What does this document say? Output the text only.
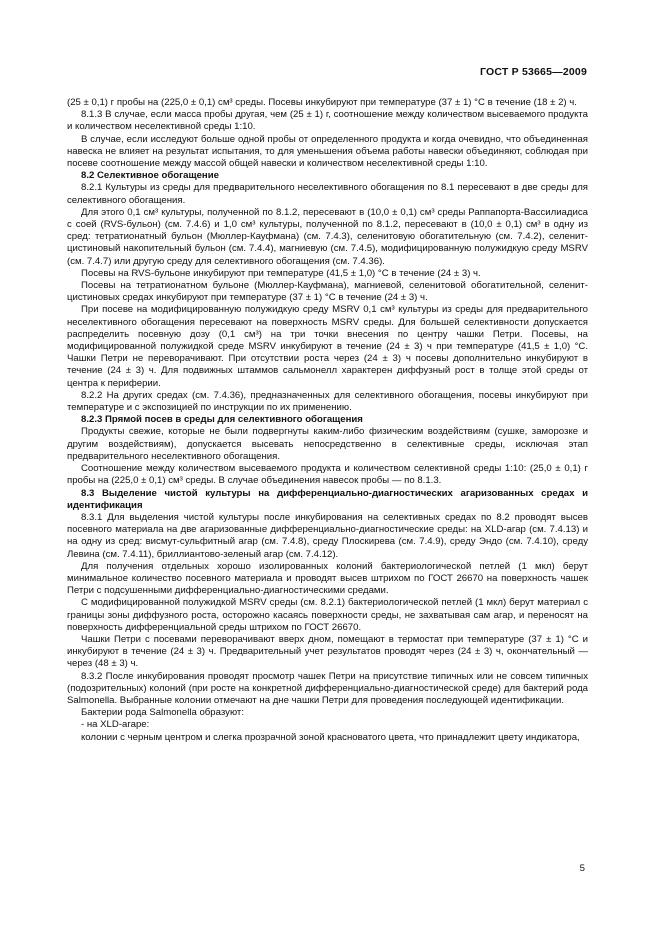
ГОСТ Р 53665—2009

(25 ± 0,1) г пробы на (225,0 ± 0,1) см³ среды. Посевы инкубируют при температуре (37 ± 1) °С в течение (18 ± 2) ч.

8.1.3 В случае, если масса пробы другая, чем (25 ± 1) г, соотношение между количеством высеваемого продукта и количеством неселективной среды 1:10.

В случае, если исследуют больше одной пробы от определенного продукта и когда очевидно, что объединенная навеска не влияет на результат испытания, то для уменьшения объема работы навески объединяют, соблюдая при посеве соотношение между массой общей навески и количеством неселективной среды 1:10.

8.2 Селективное обогащение

8.2.1 Культуры из среды для предварительного неселективного обогащения по 8.1 пересевают в две среды для селективного обогащения.

Для этого 0,1 см³ культуры, полученной по 8.1.2, пересевают в (10,0 ± 0,1) см³ среды Раппапорта-Вассилиадиса с соей (RVS-бульон) (см. 7.4.6) и 1,0 см³ культуры, полученной по 8.1.2, пересевают в (10,0 ± 0,1) см³ в одну из сред: тетратионатный бульон (Мюллер-Кауфмана) (см. 7.4.3), селенитовую обогатительную (см. 7.4.2), селенит-цистиновый накопительный бульон (см. 7.4.4), магниевую (см. 7.4.5), модифицированную полужидкую среду MSRV (см. 7.4.7) или другую среду для селективного обогащения (см. 7.4.36).

Посевы на RVS-бульоне инкубируют при температуре (41,5 ± 1,0) °С в течение (24 ± 3) ч.

Посевы на тетратионатном бульоне (Мюллер-Кауфмана), магниевой, селенитовой обогатительной, селенит-цистиновых средах инкубируют при температуре (37 ± 1) °С в течение (24 ± 3) ч.

При посеве на модифицированную полужидкую среду MSRV 0,1 см³ культуры из среды для предварительного неселективного обогащения пересевают на поверхность MSRV среды. Для большей селективности допускается распределить посевную дозу (0,1 см³) на три точки внесения по центру чашки Петри. Посевы, на модифицированной полужидкой среде MSRV инкубируют в течение (24 ± 3) ч при температуре (41,5 ± 1,0) °С. Чашки Петри не переворачивают. При отсутствии роста через (24 ± 3) ч посевы дополнительно инкубируют в течение (24 ± 3) ч. Для подвижных штаммов сальмонелл характерен диффузный рост в толще этой среды от центра к периферии.

8.2.2 На других средах (см. 7.4.36), предназначенных для селективного обогащения, посевы инкубируют при температуре и с экспозицией по инструкции по их применению.

8.2.3 Прямой посев в среды для селективного обогащения

Продукты свежие, которые не были подвергнуты каким-либо физическим воздействиям (сушке, заморозке и другим воздействиям), допускается высевать непосредственно в селективные среды, исключая этап предварительного неселективного обогащения.

Соотношение между количеством высеваемого продукта и количеством селективной среды 1:10: (25,0 ± 0,1) г пробы на (225,0 ± 0,1) см³ среды. В случае объединения навесок пробы — по 8.1.3.

8.3 Выделение чистой культуры на дифференциально-диагностических агаризованных средах и идентификация

8.3.1 Для выделения чистой культуры после инкубирования на селективных средах по 8.2 проводят высев посевного материала на две агаризованные дифференциально-диагностические среды: на XLD-агар (см. 7.4.13) и на одну из сред: висмут-сульфитный агар (см. 7.4.8), среду Плоскирева (см. 7.4.9), среду Эндо (см. 7.4.10), среду Левина (см. 7.4.11), бриллиантово-зеленый агар (см. 7.4.12).

Для получения отдельных хорошо изолированных колоний бактериологической петлей (1 мкл) берут минимальное количество посевного материала и проводят высев штрихом по ГОСТ 26670 на поверхность чашек Петри с подсушенными дифференциально-диагностическими средами.

С модифицированной полужидкой MSRV среды (см. 8.2.1) бактериологической петлей (1 мкл) берут материал с границы зоны диффузного роста, осторожно касаясь поверхности среды, не захватывая сам агар, и переносят на поверхность дифференциальной среды штрихом по ГОСТ 26670.

Чашки Петри с посевами переворачивают вверх дном, помещают в термостат при температуре (37 ± 1) °С и инкубируют в течение (24 ± 3) ч. Предварительный учет результатов проводят через (24 ± 3) ч, окончательный — через (48 ± 3) ч.

8.3.2 После инкубирования проводят просмотр чашек Петри на присутствие типичных или не совсем типичных (подозрительных) колоний (при росте на конкретной дифференциально-диагностической среде) для бактерий рода Salmonella. Выбранные колонии отмечают на дне чашки Петри для проведения последующей идентификации.

Бактерии рода Salmonella образуют:

- на XLD-агаре:

колонии с черным центром и слегка прозрачной зоной красноватого цвета, что принадлежит цвету индикатора,

5
